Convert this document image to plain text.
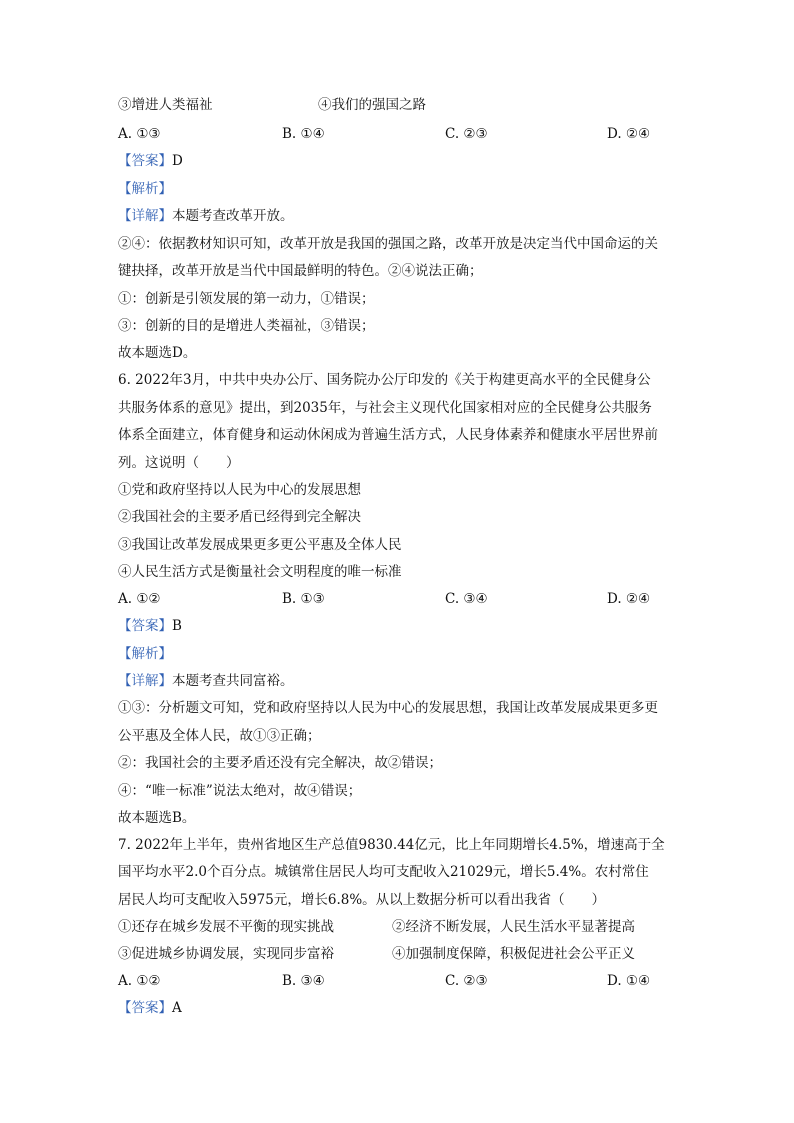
③增进人类福祉	④我们的强国之路
A. ①③	B. ①④	C. ②③	D. ②④
【答案】D
【解析】
【详解】本题考查改革开放。
②④：依据教材知识可知，改革开放是我国的强国之路，改革开放是决定当代中国命运的关
键抉择，改革开放是当代中国最鲜明的特色。②④说法正确；
①：创新是引领发展的第一动力，①错误；
③：创新的目的是增进人类福祉，③错误；
故本题选D。
6. 2022年3月，中共中央办公厅、国务院办公厅印发的《关于构建更高水平的全民健身公
共服务体系的意见》提出，到2035年，与社会主义现代化国家相对应的全民健身公共服务
体系全面建立，体育健身和运动休闲成为普遍生活方式，人民身体素养和健康水平居世界前
列。这说明（　　）
①党和政府坚持以人民为中心的发展思想
②我国社会的主要矛盾已经得到完全解决
③我国让改革发展成果更多更公平惠及全体人民
④人民生活方式是衡量社会文明程度的唯一标准
A. ①②	B. ①③	C. ③④	D. ②④
【答案】B
【解析】
【详解】本题考查共同富裕。
①③：分析题文可知，党和政府坚持以人民为中心的发展思想，我国让改革发展成果更多更
公平惠及全体人民，故①③正确；
②：我国社会的主要矛盾还没有完全解决，故②错误；
④：“唯一标准”说法太绝对，故④错误；
故本题选B。
7. 2022年上半年，贵州省地区生产总值9830.44亿元，比上年同期增长4.5%，增速高于全
国平均水平2.0个百分点。城镇常住居民人均可支配收入21029元，增长5.4%。农村常住
居民人均可支配收入5975元，增长6.8%。从以上数据分析可以看出我省（　　）
①还存在城乡发展不平衡的现实挑战	②经济不断发展，人民生活水平显著提高
③促进城乡协调发展，实现同步富裕	④加强制度保障，积极促进社会公平正义
A. ①②	B. ③④	C. ②③	D. ①④
【答案】A
